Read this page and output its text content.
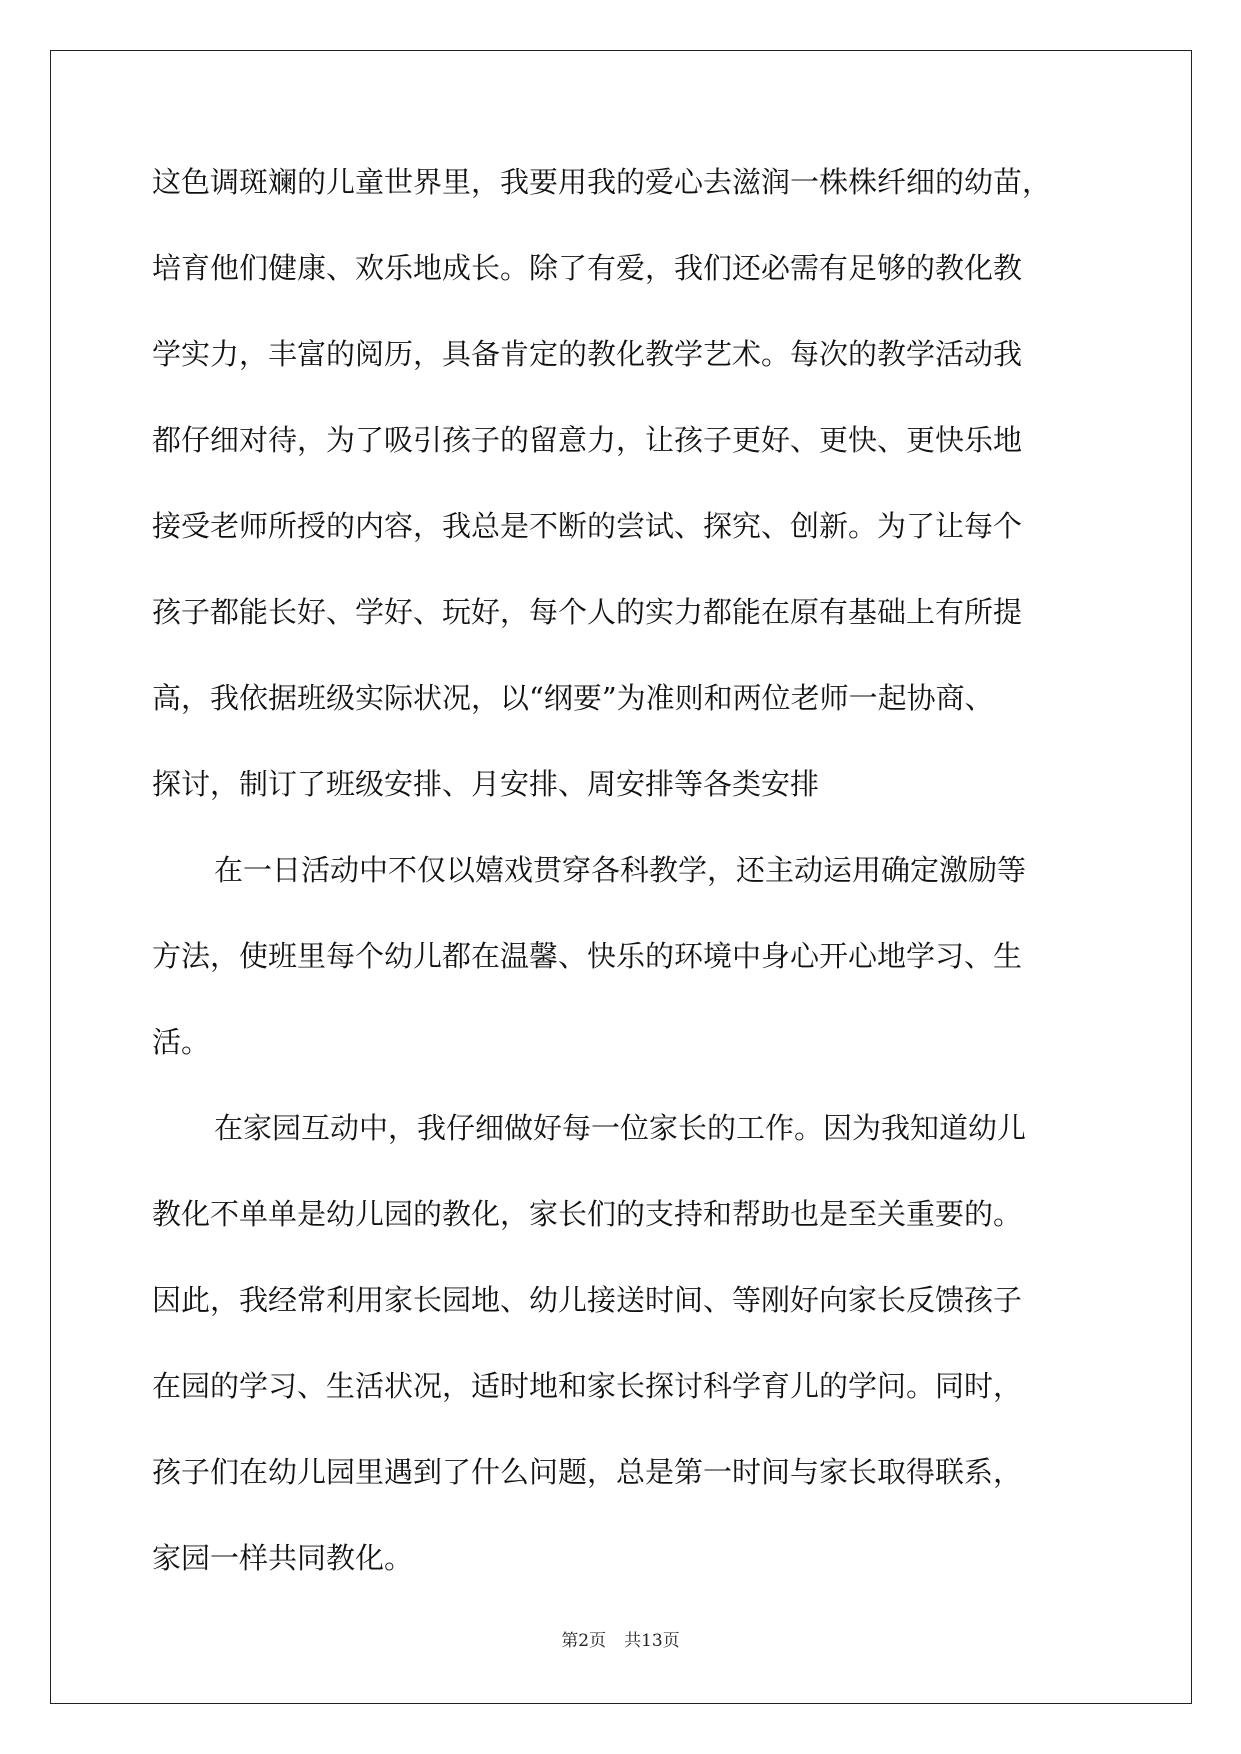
这色调斑斓的儿童世界里，我要用我的爱心去滋润一株株纤细的幼苗，
培育他们健康、欢乐地成长。除了有爱，我们还必需有足够的教化教
学实力，丰富的阅历，具备肯定的教化教学艺术。每次的教学活动我
都仔细对待，为了吸引孩子的留意力，让孩子更好、更快、更快乐地
接受老师所授的内容，我总是不断的尝试、探究、创新。为了让每个
孩子都能长好、学好、玩好，每个人的实力都能在原有基础上有所提
高，我依据班级实际状况，以“纲要”为准则和两位老师一起协商、
探讨，制订了班级安排、月安排、周安排等各类安排
在一日活动中不仅以嬉戏贯穿各科教学，还主动运用确定激励等
方法，使班里每个幼儿都在温馨、快乐的环境中身心开心地学习、生
活。
在家园互动中，我仔细做好每一位家长的工作。因为我知道幼儿
教化不单单是幼儿园的教化，家长们的支持和帮助也是至关重要的。
因此，我经常利用家长园地、幼儿接送时间、等刚好向家长反馈孩子
在园的学习、生活状况，适时地和家长探讨科学育儿的学问。同时，
孩子们在幼儿园里遇到了什么问题，总是第一时间与家长取得联系，
家园一样共同教化。
第2页 共13页
